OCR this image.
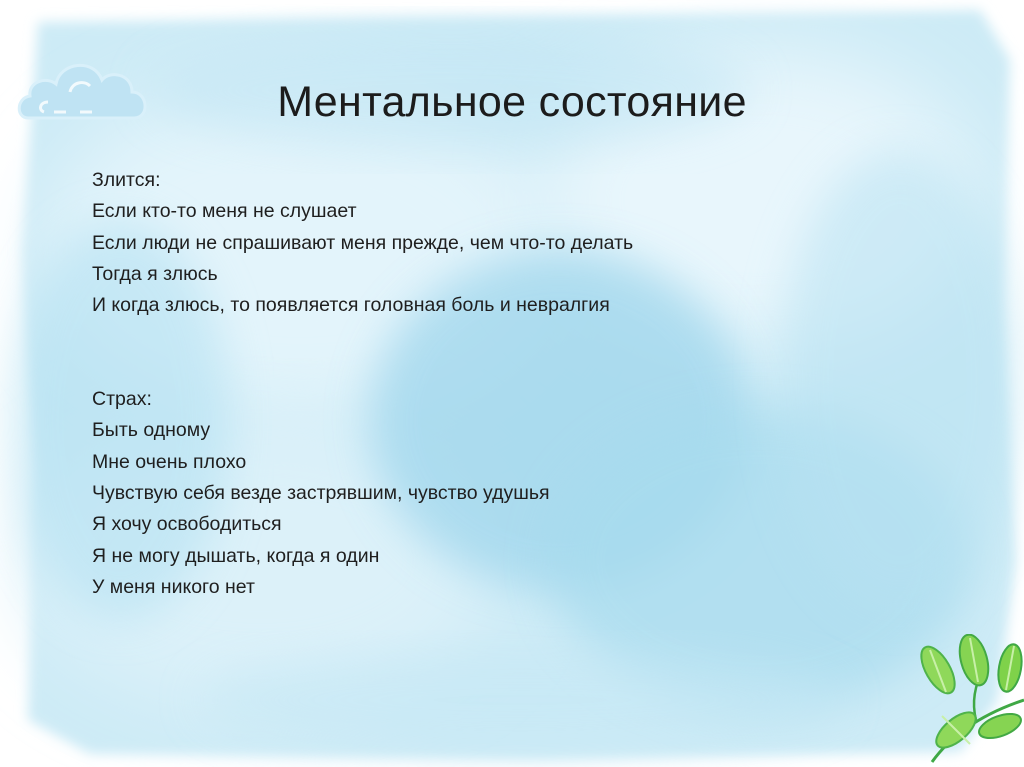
Ментальное состояние
Злится:
Если кто-то меня не слушает
Если люди не спрашивают меня прежде, чем что-то делать
Тогда я злюсь
И когда злюсь, то появляется головная боль и невралгия
Страх:
Быть одному
Мне очень плохо
Чувствую себя везде застрявшим, чувство удушья
Я хочу освободиться
Я не могу дышать, когда я один
У меня никого нет
